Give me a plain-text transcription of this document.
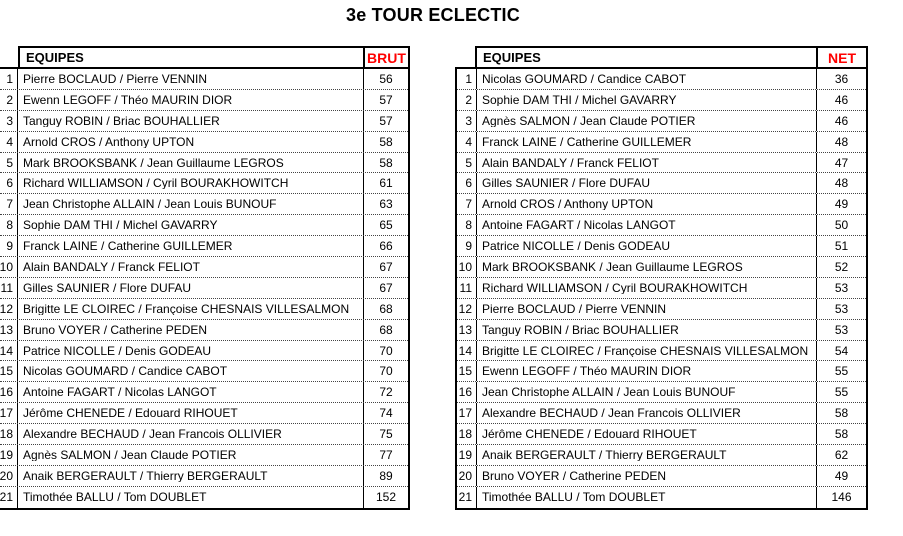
3e TOUR ECLECTIC
EQUIPES	BRUT
1 Pierre BOCLAUD / Pierre VENNIN	56
2 Ewenn LEGOFF / Théo MAURIN DIOR	57
3 Tanguy ROBIN / Briac BOUHALLIER	57
4 Arnold CROS / Anthony UPTON	58
5 Mark BROOKSBANK / Jean Guillaume LEGROS	58
6 Richard WILLIAMSON / Cyril BOURAKHOWITCH	61
7 Jean Christophe ALLAIN / Jean Louis BUNOUF	63
8 Sophie DAM THI / Michel GAVARRY	65
9 Franck LAINE / Catherine GUILLEMER	66
10 Alain BANDALY / Franck FELIOT	67
11 Gilles SAUNIER / Flore DUFAU	67
12 Brigitte LE CLOIREC / Françoise CHESNAIS VILLESALMON	68
13 Bruno VOYER / Catherine PEDEN	68
14 Patrice NICOLLE / Denis GODEAU	70
15 Nicolas GOUMARD / Candice CABOT	70
16 Antoine FAGART / Nicolas LANGOT	72
17 Jérôme CHENEDE / Edouard RIHOUET	74
18 Alexandre BECHAUD / Jean Francois OLLIVIER	75
19 Agnès SALMON / Jean Claude POTIER	77
20 Anaik BERGERAULT / Thierry BERGERAULT	89
21 Timothée BALLU / Tom DOUBLET	152
EQUIPES	NET
1 Nicolas GOUMARD / Candice CABOT	36
2 Sophie DAM THI / Michel GAVARRY	46
3 Agnès SALMON / Jean Claude POTIER	46
4 Franck LAINE / Catherine GUILLEMER	48
5 Alain BANDALY / Franck FELIOT	47
6 Gilles SAUNIER / Flore DUFAU	48
7 Arnold CROS / Anthony UPTON	49
8 Antoine FAGART / Nicolas LANGOT	50
9 Patrice NICOLLE / Denis GODEAU	51
10 Mark BROOKSBANK / Jean Guillaume LEGROS	52
11 Richard WILLIAMSON / Cyril BOURAKHOWITCH	53
12 Pierre BOCLAUD / Pierre VENNIN	53
13 Tanguy ROBIN / Briac BOUHALLIER	53
14 Brigitte LE CLOIREC / Françoise CHESNAIS VILLESALMON	54
15 Ewenn LEGOFF / Théo MAURIN DIOR	55
16 Jean Christophe ALLAIN / Jean Louis BUNOUF	55
17 Alexandre BECHAUD / Jean Francois OLLIVIER	58
18 Jérôme CHENEDE / Edouard RIHOUET	58
19 Anaik BERGERAULT / Thierry BERGERAULT	62
20 Bruno VOYER / Catherine PEDEN	49
21 Timothée BALLU / Tom DOUBLET	146
